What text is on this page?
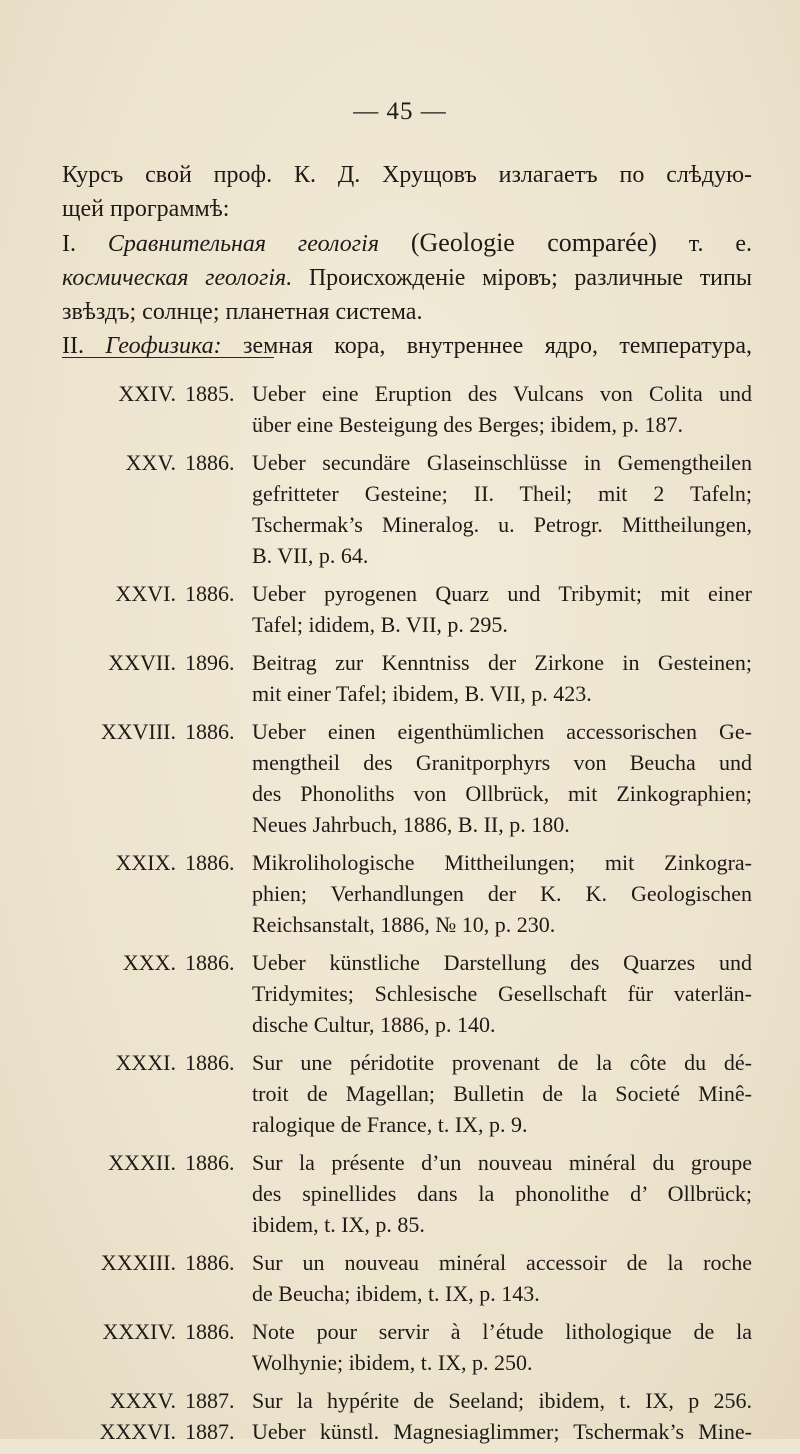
— 45 —

Курсъ свой проф. К. Д. Хрущовъ излагаетъ по слѣдую-

щей программѣ:

I. Сравнительная геологія (Geologie comparée) т. е.

космическая геологія. Происхожденіе міровъ; различные типы

звѣздъ; солнце; планетная система.

II. Геофизика: земная кора, внутреннее ядро, температура,

XXIV. 1885. Ueber eine Eruption des Vulcans von Colita und
über eine Besteigung des Berges; ibidem, p. 187.
XXV. 1886. Ueber secundäre Glaseinschlüsse in Gemengtheilen
gefritteter Gesteine; II. Theil; mit 2 Tafeln;
Tschermak’s Mineralog. u. Petrogr. Mittheilungen,
B. VII, p. 64.
XXVI. 1886. Ueber pyrogenen Quarz und Tribymit; mit einer
Tafel; ididem, B. VII, p. 295.
XXVII. 1896. Beitrag zur Kenntniss der Zirkone in Gesteinen;
mit einer Tafel; ibidem, B. VII, p. 423.
XXVIII. 1886. Ueber einen eigenthümlichen accessorischen Ge-
mengtheil des Granitporphyrs von Beucha und
des Phonoliths von Ollbrück, mit Zinkographien;
Neues Jahrbuch, 1886, B. II, p. 180.
XXIX. 1886. Mikrolihologische Mittheilungen; mit Zinkogra-
phien; Verhandlungen der K. K. Geologischen
Reichsanstalt, 1886, № 10, p. 230.
XXX. 1886. Ueber künstliche Darstellung des Quarzes und
Tridymites; Schlesische Gesellschaft für vaterlän-
dische Cultur, 1886, p. 140.
XXXI. 1886. Sur une péridotite provenant de la côte du dé-
troit de Magellan; Bulletin de la Societé Minê-
ralogique de France, t. IX, p. 9.
XXXII. 1886. Sur la présente d’un nouveau minéral du groupe
des spinellides dans la phonolithe d’ Ollbrück;
ibidem, t. IX, p. 85.
XXXIII. 1886. Sur un nouveau minéral accessoir de la roche
de Beucha; ibidem, t. IX, p. 143.
XXXIV. 1886. Note pour servir à l’étude lithologique de la
Wolhynie; ibidem, t. IX, p. 250.
XXXV. 1887. Sur la hypérite de Seeland; ibidem, t. IX, p 256.
XXXVI. 1887. Ueber künstl. Magnesiaglimmer; Tschermak’s Mine-
